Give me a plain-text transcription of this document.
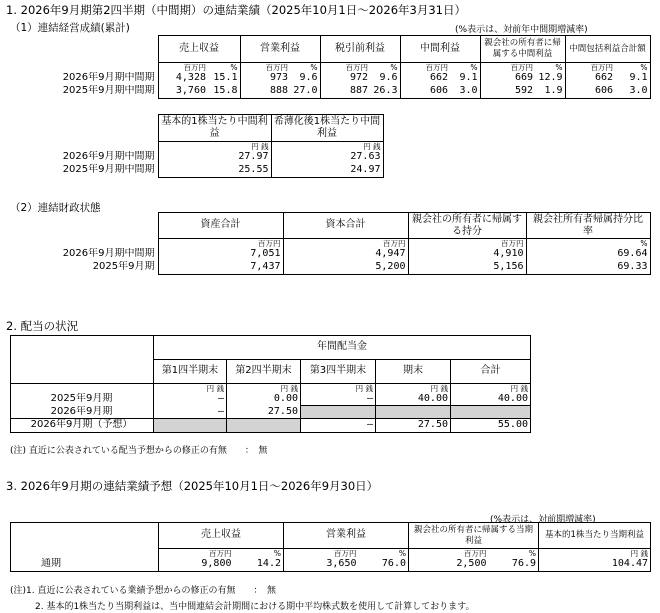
1. 2026年9月期第2四半期（中間期）の連結業績（2025年10月1日～2026年3月31日）
（1）連結経営成績(累計)	(%表示は、対前年中間期増減率)
	売上収益		営業利益		税引前利益		中間利益		親会社の所有者に帰属する中間利益		中間包括利益合計額	
	百万円	%	百万円	%	百万円	%	百万円	%	百万円	%	百万円	%
2026年9月期中間期	4,328	15.1	973	9.6	972	9.6	662	9.1	669	12.9	662	9.1
2025年9月期中間期	3,760	15.8	888	27.0	887	26.3	606	3.0	592	1.9	606	3.0
	基本的1株当たり中間利益	希薄化後1株当たり中間利益
	円 銭	円 銭
2026年9月期中間期	27.97	27.63
2025年9月期中間期	25.55	24.97
（2）連結財政状態
	資産合計	資本合計	親会社の所有者に帰属する持分	親会社所有者帰属持分比率
	百万円	百万円	百万円	%
2026年9月期中間期	7,051	4,947	4,910	69.64
2025年9月期	7,437	5,200	5,156	69.33
2. 配当の状況
	年間配当金				
	第1四半期末	第2四半期末	第3四半期末	期末	合計
	円 銭	円 銭	円 銭	円 銭	円 銭
2025年9月期	—	0.00	—	40.00	40.00
2026年9月期	—	27.50			
2026年9月期（予想）			—	27.50	55.00
(注) 直近に公表されている配当予想からの修正の有無　　：　無
3. 2026年9月期の連結業績予想（2025年10月1日～2026年9月30日）
(%表示は、対前期増減率)
	売上収益		営業利益		親会社の所有者に帰属する当期利益		基本的1株当たり当期利益
	百万円	%	百万円	%	百万円	%	円 銭
通期	9,800	14.2	3,650	76.0	2,500	76.9	104.47
(注)1. 直近に公表されている業績予想からの修正の有無　　：　無
2. 基本的1株当たり当期利益は、当中間連結会計期間における期中平均株式数を使用して計算しております。
